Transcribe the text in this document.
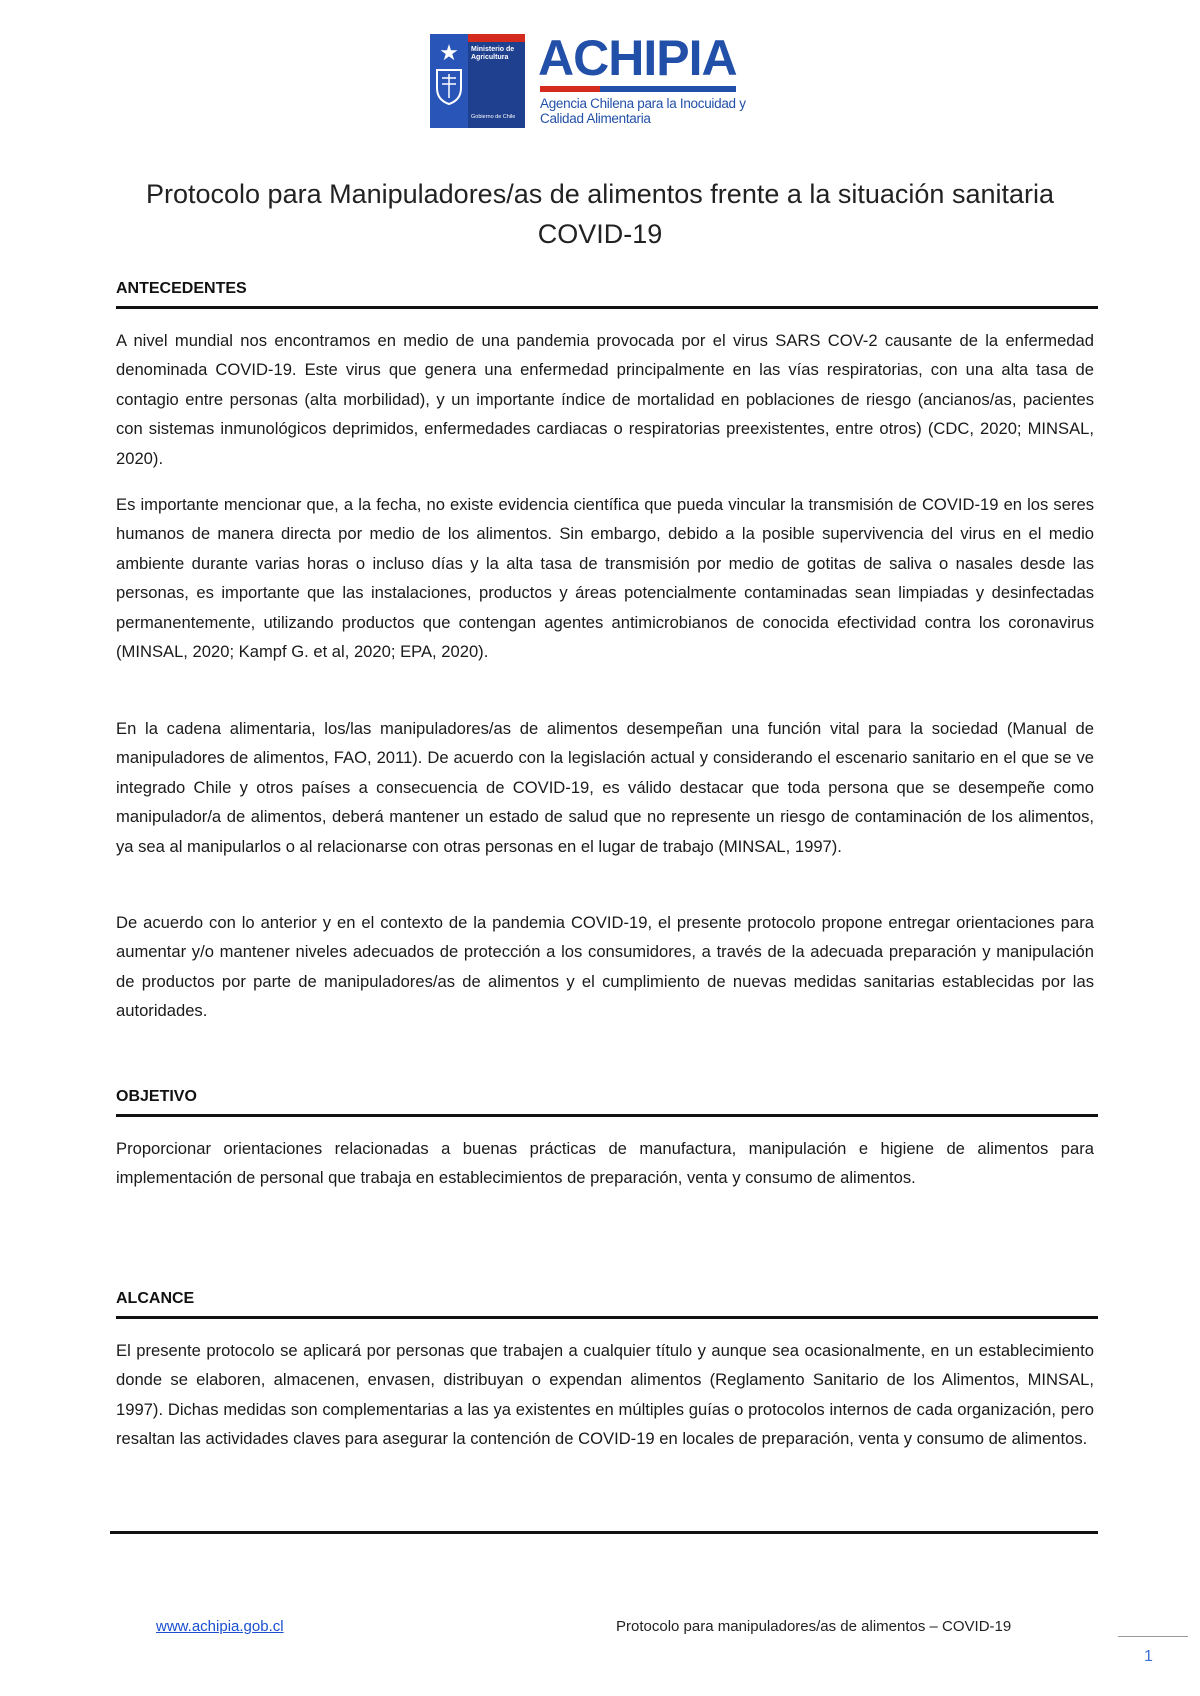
★	Ministerio de Agricultura
Gobierno de Chile
ACHIPIA
Agencia Chilena para la Inocuidad y Calidad Alimentaria
Protocolo para Manipuladores/as de alimentos frente a la situación sanitaria COVID-19
ANTECEDENTES

A nivel mundial nos encontramos en medio de una pandemia provocada por el virus SARS COV-2 causante de la enfermedad denominada COVID-19. Este virus que genera una enfermedad principalmente en las vías respiratorias, con una alta tasa de contagio entre personas (alta morbilidad), y un importante índice de mortalidad en poblaciones de riesgo (ancianos/as, pacientes con sistemas inmunológicos deprimidos, enfermedades cardiacas o respiratorias preexistentes, entre otros) (CDC, 2020; MINSAL, 2020).

Es importante mencionar que, a la fecha, no existe evidencia científica que pueda vincular la transmisión de COVID-19 en los seres humanos de manera directa por medio de los alimentos. Sin embargo, debido a la posible supervivencia del virus en el medio ambiente durante varias horas o incluso días y la alta tasa de transmisión por medio de gotitas de saliva o nasales desde las personas, es importante que las instalaciones, productos y áreas potencialmente contaminadas sean limpiadas y desinfectadas permanentemente, utilizando productos que contengan agentes antimicrobianos de conocida efectividad contra los coronavirus (MINSAL, 2020; Kampf G. et al, 2020; EPA, 2020).

En la cadena alimentaria, los/las manipuladores/as de alimentos desempeñan una función vital para la sociedad (Manual de manipuladores de alimentos, FAO, 2011). De acuerdo con la legislación actual y considerando el escenario sanitario en el que se ve integrado Chile y otros países a consecuencia de COVID-19, es válido destacar que toda persona que se desempeñe como manipulador/a de alimentos, deberá mantener un estado de salud que no represente un riesgo de contaminación de los alimentos, ya sea al manipularlos o al relacionarse con otras personas en el lugar de trabajo (MINSAL, 1997).

De acuerdo con lo anterior y en el contexto de la pandemia COVID-19, el presente protocolo propone entregar orientaciones para aumentar y/o mantener niveles adecuados de protección a los consumidores, a través de la adecuada preparación y manipulación de productos por parte de manipuladores/as de alimentos y el cumplimiento de nuevas medidas sanitarias establecidas por las autoridades.

OBJETIVO

Proporcionar orientaciones relacionadas a buenas prácticas de manufactura, manipulación e higiene de alimentos para implementación de personal que trabaja en establecimientos de preparación, venta y consumo de alimentos.

ALCANCE

El presente protocolo se aplicará por personas que trabajen a cualquier título y aunque sea ocasionalmente, en un establecimiento donde se elaboren, almacenen, envasen, distribuyan o expendan alimentos (Reglamento Sanitario de los Alimentos, MINSAL, 1997). Dichas medidas son complementarias a las ya existentes en múltiples guías o protocolos internos de cada organización, pero resaltan las actividades claves para asegurar la contención de COVID-19 en locales de preparación, venta y consumo de alimentos.

www.achipia.gob.cl	Protocolo para manipuladores/as de alimentos – COVID-19
1
